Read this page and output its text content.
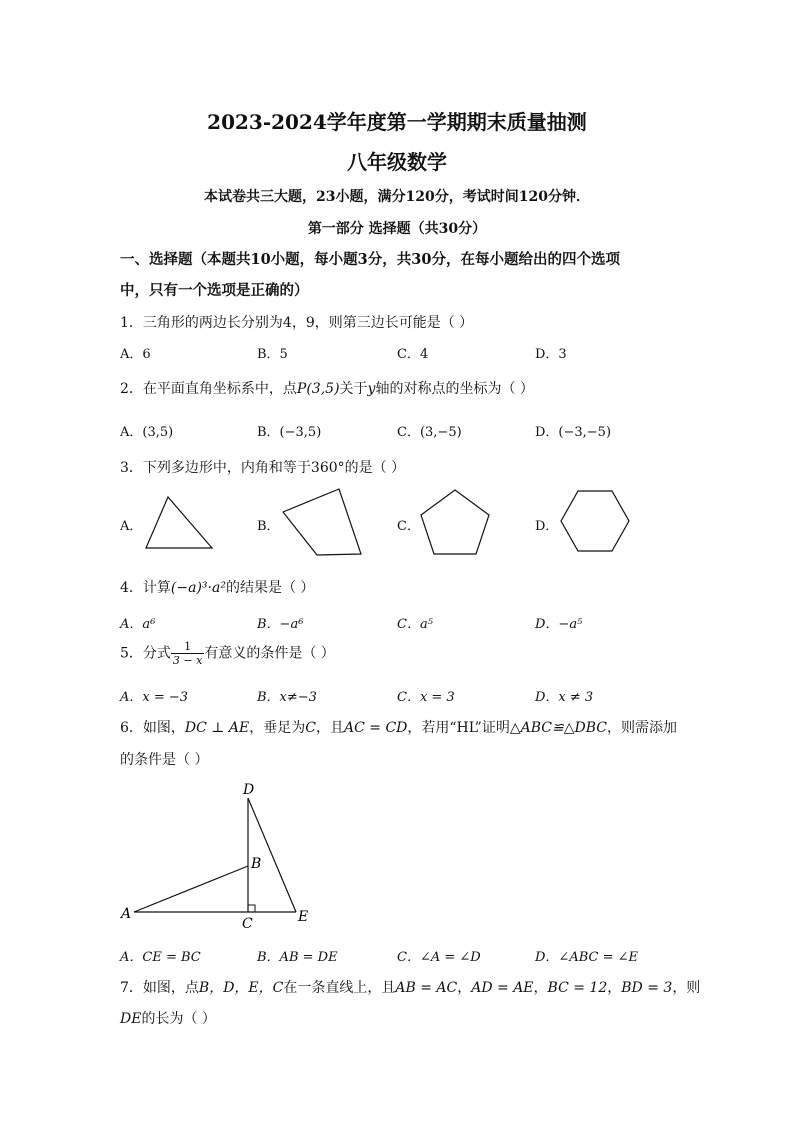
2023-2024学年度第一学期期末质量抽测
八年级数学
本试卷共三大题，23小题，满分120分，考试时间120分钟．
第一部分 选择题（共30分）
一、选择题（本题共10小题，每小题3分，共30分，在每小题给出的四个选项
中，只有一个选项是正确的）
1．三角形的两边长分别为4，9，则第三边长可能是（ ）
A．6	B．5	C．4	D．3
2．在平面直角坐标系中，点P(3,5)关于y轴的对称点的坐标为（ ）
A．(3,5)	B．(−3,5)	C．(3,−5)	D．(−3,−5)
3．下列多边形中，内角和等于360°的是（ ）
A．	B．	C．	D．
4．计算(−a)³·a²的结果是（ ）
A．a⁶	B．−a⁶	C．a⁵	D．−a⁵
5．分式 $\frac{1}{3 - x}$ 有意义的条件是（ ）
A．x = −3	B．x≠−3	C．x = 3	D．x ≠ 3
6．如图，DC ⊥ AE，垂足为C，且AC = CD，若用“HL”证明△ABC≌△DBC，则需添加
的条件是（ ）
D
B
A
C	E
A．CE = BC	B．AB = DE	C．∠A = ∠D	D．∠ABC = ∠E
7．如图，点B，D，E，C在一条直线上，且AB = AC，AD = AE，BC = 12，BD = 3，则
DE的长为（ ）
